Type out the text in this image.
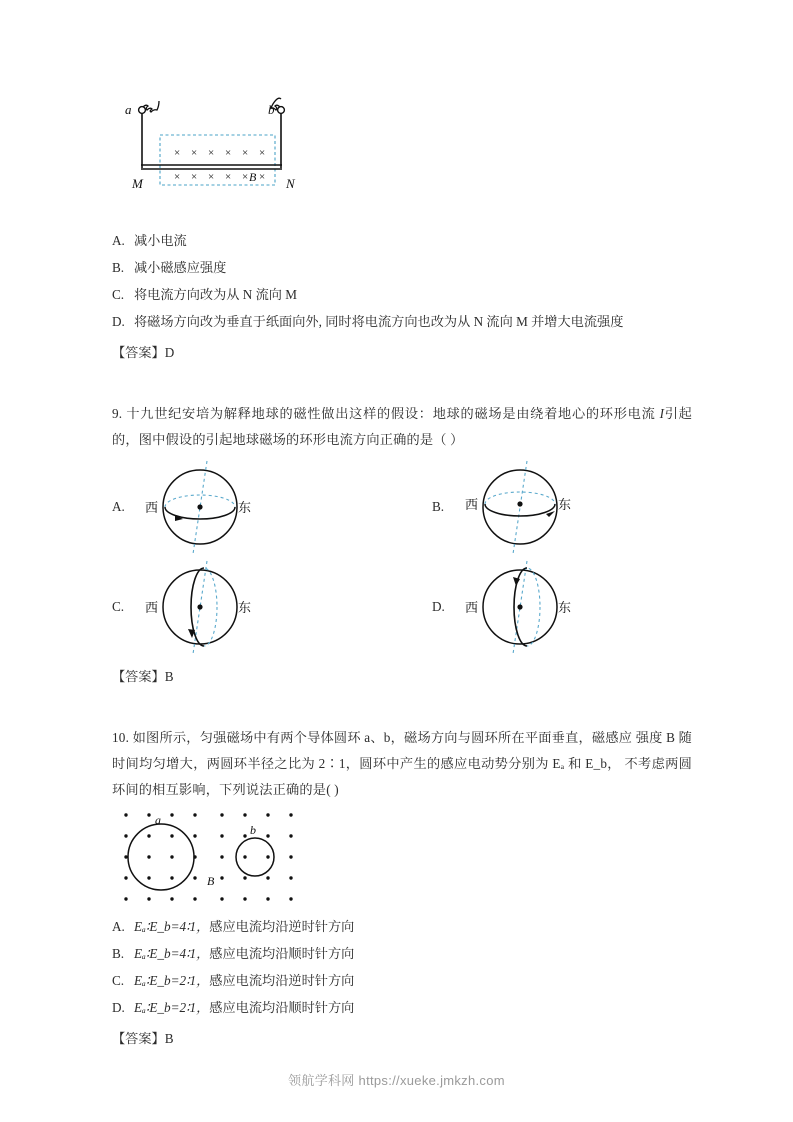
a	b
M	N
× × × × × ×
× × × × × ×
B
A. 减小电流
B. 减小磁感应强度
C. 将电流方向改为从 N 流向 M
D. 将磁场方向改为垂直于纸面向外, 同时将电流方向也改为从 N 流向 M 并增大电流强度
【答案】D
9. 十九世纪安培为解释地球的磁性做出这样的假设：地球的磁场是由绕着地心的环形电流 I引起的，图中假设的引起地球磁场的环形电流方向正确的是（ ）
A. 西	东	B. 西	东
C. 西	东	D. 西	东
【答案】B
10. 如图所示，匀强磁场中有两个导体圆环 a、b，磁场方向与圆环所在平面垂直，磁感应 强度 B 随时间均匀增大，两圆环半径之比为 2∶1，圆环中产生的感应电动势分别为 Eₐ 和 E_b， 不考虑两圆环间的相互影响，下列说法正确的是( )
a
b
B
A. Eₐ∶E_b=4∶1，感应电流均沿逆时针方向
B. Eₐ∶E_b=4∶1，感应电流均沿顺时针方向
C. Eₐ∶E_b=2∶1，感应电流均沿逆时针方向
D. Eₐ∶E_b=2∶1，感应电流均沿顺时针方向
【答案】B
领航学科网 https://xueke.jmkzh.com
